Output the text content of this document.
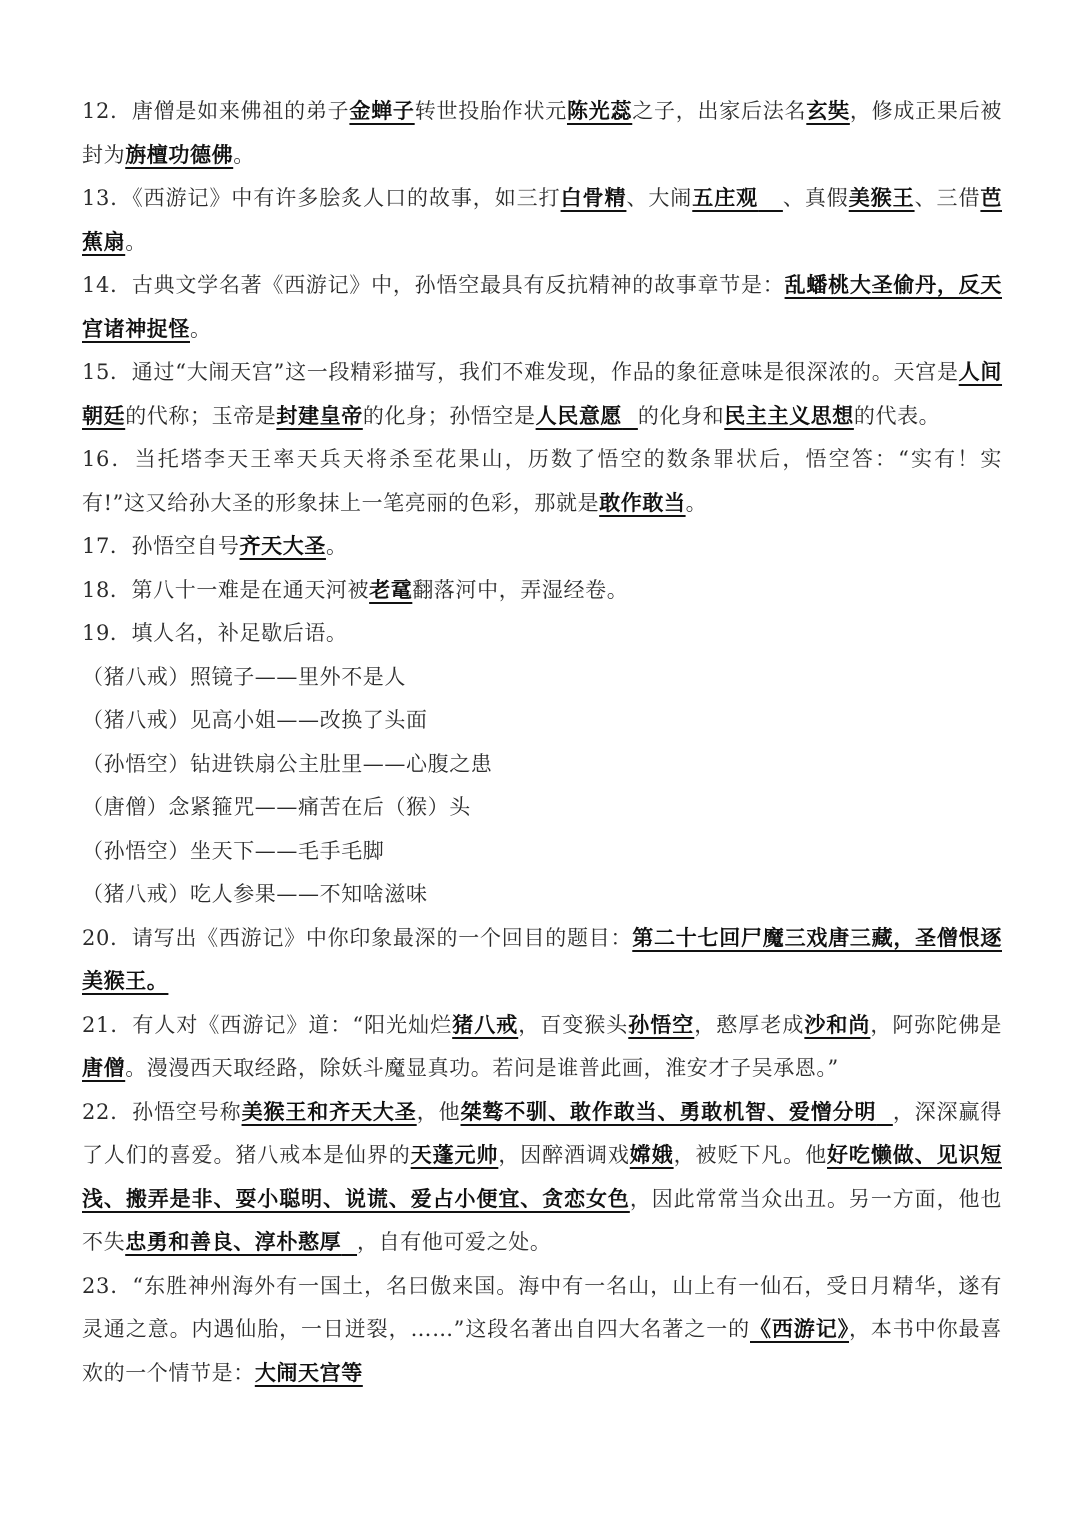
12．唐僧是如来佛祖的弟子金蝉子转世投胎作状元陈光蕊之子，出家后法名玄奘，修成正果后被封为旃檀功德佛。

13．《西游记》中有许多脍炙人口的故事，如三打白骨精、大闹五庄观 、真假美猴王、三借芭蕉扇。

14．古典文学名著《西游记》中，孙悟空最具有反抗精神的故事章节是：乱蟠桃大圣偷丹，反天宫诸神捉怪。

15．通过“大闹天宫”这一段精彩描写，我们不难发现，作品的象征意味是很深浓的。天宫是人间朝廷的代称；玉帝是封建皇帝的化身；孙悟空是人民意愿 的化身和民主主义思想的代表。

16．当托塔李天王率天兵天将杀至花果山，历数了悟空的数条罪状后，悟空答：“实有！实有!”这又给孙大圣的形象抹上一笔亮丽的色彩，那就是敢作敢当。

17．孙悟空自号齐天大圣。

18．第八十一难是在通天河被老鼋翻落河中，弄湿经卷。

19．填人名，补足歇后语。

（猪八戒）照镜子——里外不是人

（猪八戒）见高小姐——改换了头面

（孙悟空）钻进铁扇公主肚里——心腹之患

（唐僧）念紧箍咒——痛苦在后（猴）头

（孙悟空）坐天下——毛手毛脚

（猪八戒）吃人参果——不知啥滋味

20．请写出《西游记》中你印象最深的一个回目的题目：第二十七回尸魔三戏唐三藏，圣僧恨逐美猴王。

21．有人对《西游记》道：“阳光灿烂猪八戒，百变猴头孙悟空，憨厚老成沙和尚，阿弥陀佛是唐僧。漫漫西天取经路，除妖斗魔显真功。若问是谁普此画，淮安才子吴承恩。”

22．孙悟空号称美猴王和齐天大圣，他桀骜不驯、敢作敢当、勇敢机智、爱憎分明 ，深深赢得了人们的喜爱。猪八戒本是仙界的天蓬元帅，因醉酒调戏嫦娥，被贬下凡。他好吃懒做、见识短浅、搬弄是非、耍小聪明、说谎、爱占小便宜、贪恋女色，因此常常当众出丑。另一方面，他也不失忠勇和善良、淳朴憨厚 ，自有他可爱之处。

23．“东胜神州海外有一国土，名曰傲来国。海中有一名山，山上有一仙石，受日月精华，遂有灵通之意。内遇仙胎，一日迸裂，……”这段名著出自四大名著之一的《西游记》，本书中你最喜欢的一个情节是：大闹天宫等
